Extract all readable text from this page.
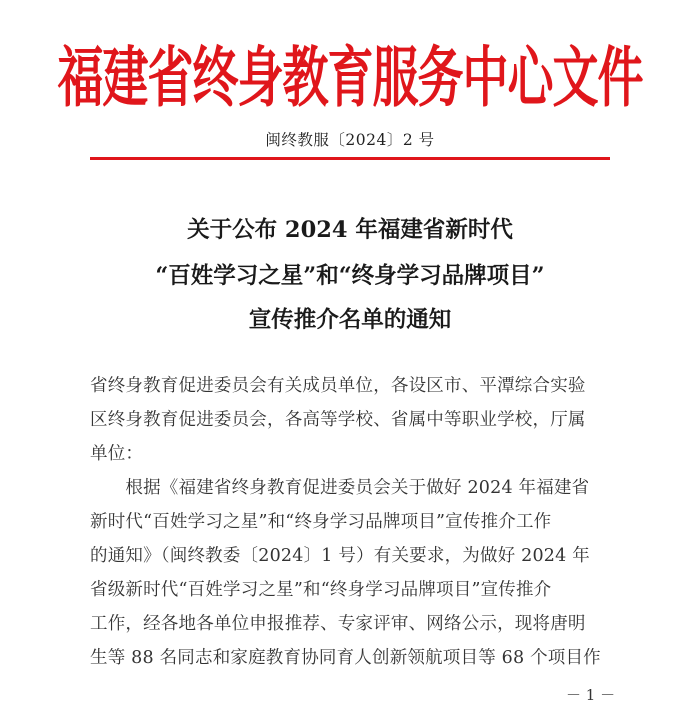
福建省终身教育服务中心文件
闽终教服〔2024〕2 号
关于公布 2024 年福建省新时代
“百姓学习之星”和“终身学习品牌项目”
宣传推介名单的通知
省终身教育促进委员会有关成员单位，各设区市、平潭综合实验
区终身教育促进委员会，各高等学校、省属中等职业学校，厅属
单位：
　　根据《福建省终身教育促进委员会关于做好 2024 年福建省
新时代“百姓学习之星”和“终身学习品牌项目”宣传推介工作
的通知》（闽终教委〔2024〕1 号）有关要求，为做好 2024 年
省级新时代“百姓学习之星”和“终身学习品牌项目”宣传推介
工作，经各地各单位申报推荐、专家评审、网络公示，现将唐明
生等 88 名同志和家庭教育协同育人创新领航项目等 68 个项目作
－ 1 －
